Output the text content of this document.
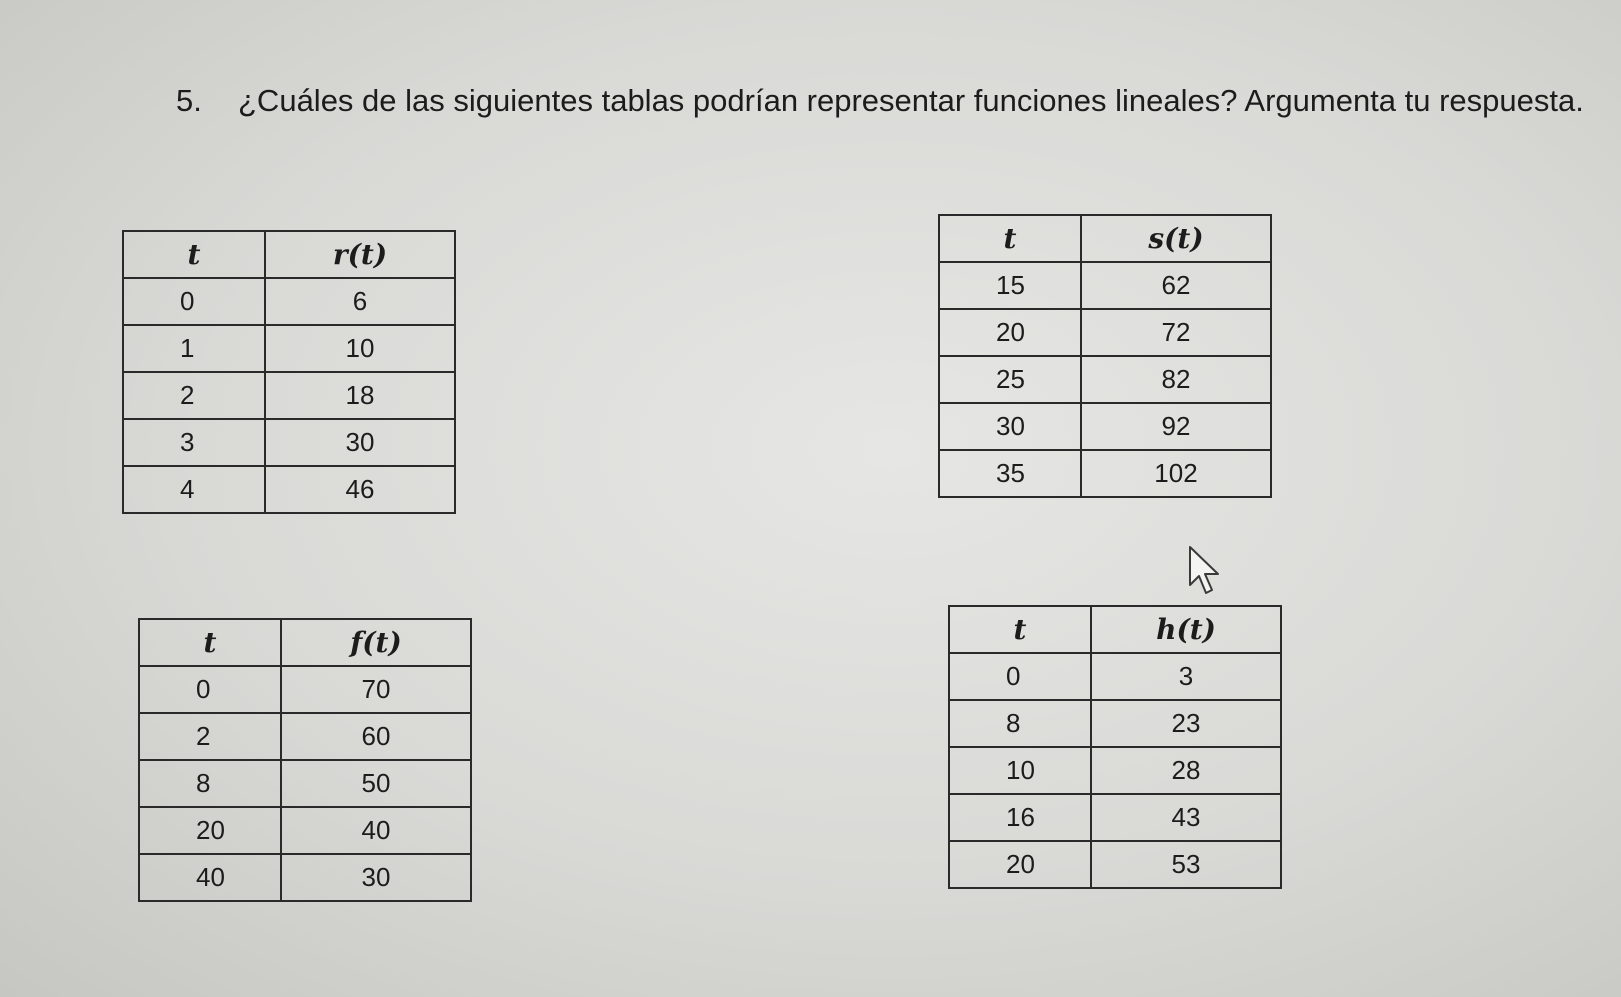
5. ¿Cuáles de las siguientes tablas podrían representar funciones lineales? Argumenta tu respuesta.
t	r(t)
0	6
1	10
2	18
3	30
4	46
t	s(t)
15	62
20	72
25	82
30	92
35	102
t	f(t)
0	70
2	60
8	50
20	40
40	30
t	h(t)
0	3
8	23
10	28
16	43
20	53
